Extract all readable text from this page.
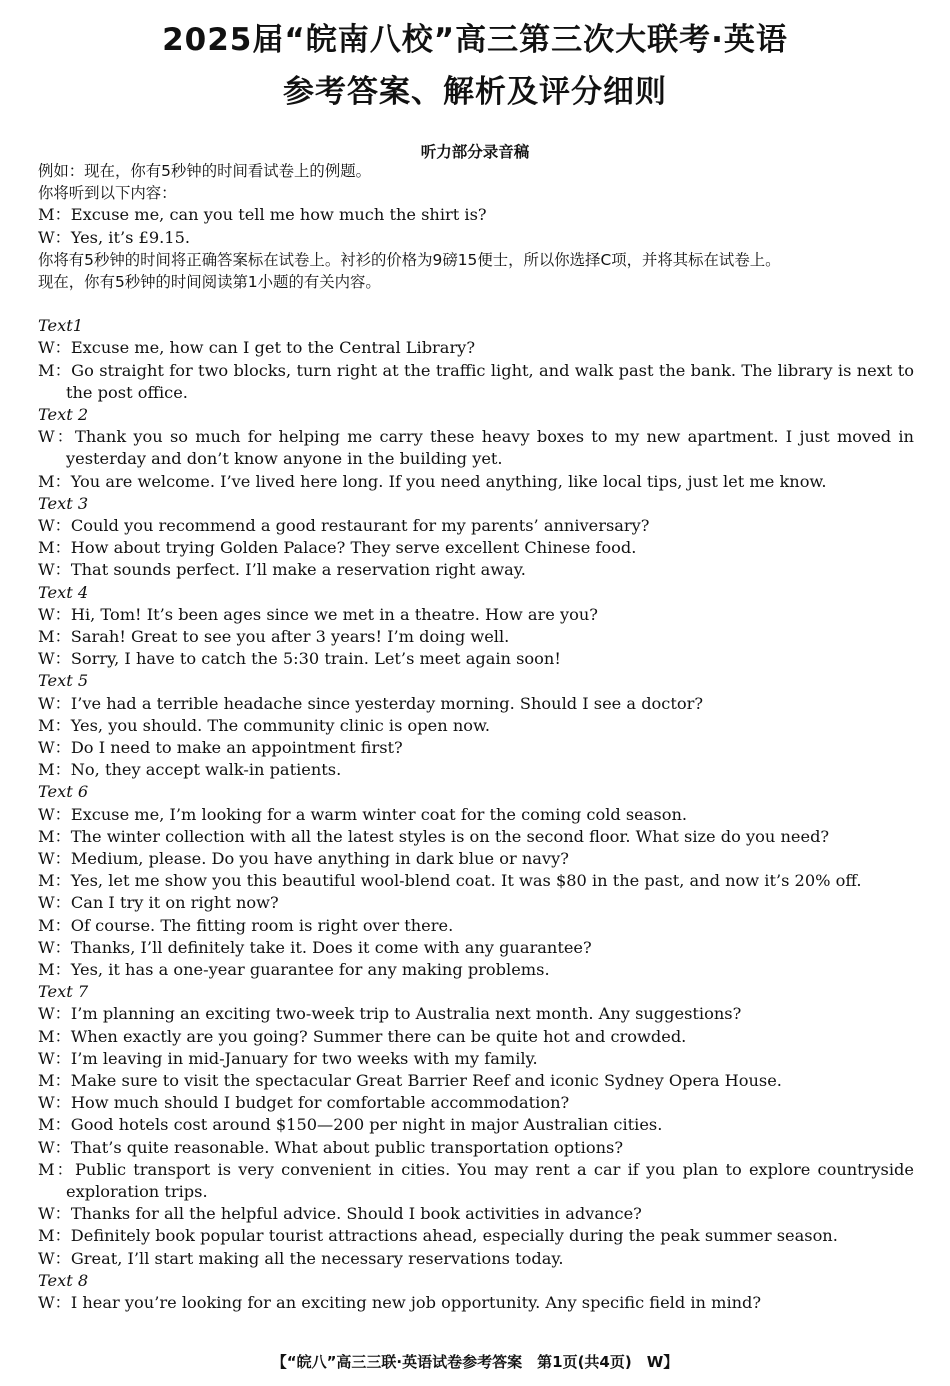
2025届“皖南八校”高三第三次大联考·英语
参考答案、解析及评分细则
听力部分录音稿
例如：现在，你有5秒钟的时间看试卷上的例题。
你将听到以下内容：
M：Excuse me, can you tell me how much the shirt is?
W：Yes, it’s £9.15.
你将有5秒钟的时间将正确答案标在试卷上。衬衫的价格为9磅15便士，所以你选择C项，并将其标在试卷上。
现在，你有5秒钟的时间阅读第1小题的有关内容。
Text1
W：Excuse me, how can I get to the Central Library?
M：Go straight for two blocks, turn right at the traffic light, and walk past the bank. The library is next to the post office.
Text 2
W：Thank you so much for helping me carry these heavy boxes to my new apartment. I just moved in yesterday and don’t know anyone in the building yet.
M：You are welcome. I’ve lived here long. If you need anything, like local tips, just let me know.
Text 3
W：Could you recommend a good restaurant for my parents’ anniversary?
M：How about trying Golden Palace? They serve excellent Chinese food.
W：That sounds perfect. I’ll make a reservation right away.
Text 4
W：Hi, Tom! It’s been ages since we met in a theatre. How are you?
M：Sarah! Great to see you after 3 years! I’m doing well.
W：Sorry, I have to catch the 5:30 train. Let’s meet again soon!
Text 5
W：I’ve had a terrible headache since yesterday morning. Should I see a doctor?
M：Yes, you should. The community clinic is open now.
W：Do I need to make an appointment first?
M：No, they accept walk-in patients.
Text 6
W：Excuse me, I’m looking for a warm winter coat for the coming cold season.
M：The winter collection with all the latest styles is on the second floor. What size do you need?
W：Medium, please. Do you have anything in dark blue or navy?
M：Yes, let me show you this beautiful wool-blend coat. It was $80 in the past, and now it’s 20% off.
W：Can I try it on right now?
M：Of course. The fitting room is right over there.
W：Thanks, I’ll definitely take it. Does it come with any guarantee?
M：Yes, it has a one-year guarantee for any making problems.
Text 7
W：I’m planning an exciting two-week trip to Australia next month. Any suggestions?
M：When exactly are you going? Summer there can be quite hot and crowded.
W：I’m leaving in mid-January for two weeks with my family.
M：Make sure to visit the spectacular Great Barrier Reef and iconic Sydney Opera House.
W：How much should I budget for comfortable accommodation?
M：Good hotels cost around $150—200 per night in major Australian cities.
W：That’s quite reasonable. What about public transportation options?
M：Public transport is very convenient in cities. You may rent a car if you plan to explore countryside exploration trips.
W：Thanks for all the helpful advice. Should I book activities in advance?
M：Definitely book popular tourist attractions ahead, especially during the peak summer season.
W：Great, I’ll start making all the necessary reservations today.
Text 8
W：I hear you’re looking for an exciting new job opportunity. Any specific field in mind?
【“皖八”高三三联·英语试卷参考答案　第1页(共4页)　W】
